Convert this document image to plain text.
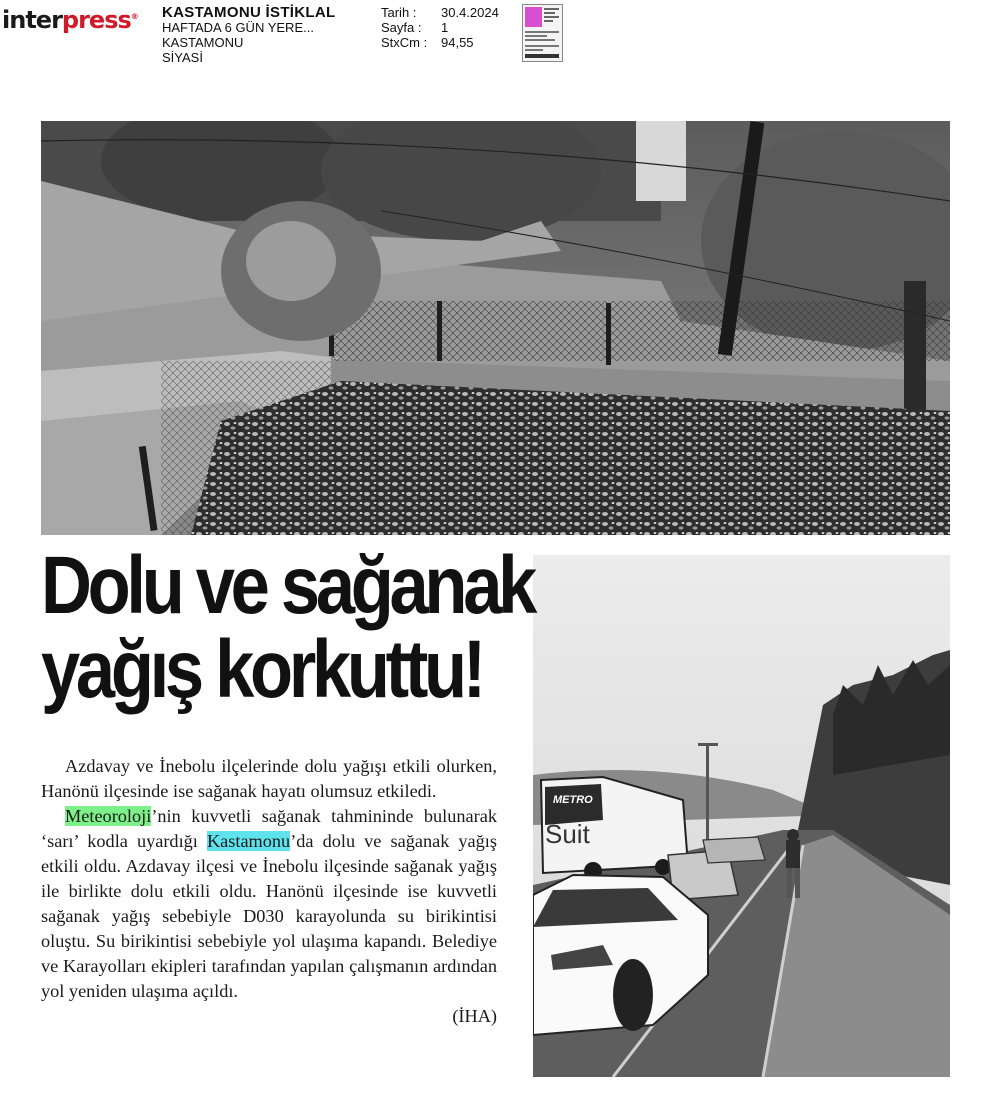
interpress® KASTAMONU İSTİKLAL
HAFTADA 6 GÜN YERE...
KASTAMONU
SİYASİ
Tarih :	30.4.2024
Sayfa :	1
StxCm :	94,55
METRO
Suit
Dolu ve sağanak
yağış korkuttu!

Azdavay ve İnebolu ilçelerinde dolu yağışı etkili olurken, Hanönü ilçesinde ise sağanak hayatı olumsuz etkiledi.

Meteoroloji’nin kuvvetli sağanak tahmininde bulunarak ‘sarı’ kodla uyardığı Kastamonu’da dolu ve sağanak yağış etkili oldu. Azdavay ilçesi ve İnebolu ilçesinde sağanak yağış ile birlikte dolu etkili oldu. Hanönü ilçesinde ise kuvvetli sağanak yağış sebebiyle D030 karayolunda su birikintisi oluştu. Su birikintisi sebebiyle yol ulaşıma kapandı. Belediye ve Karayolları ekipleri tarafından yapılan çalışmanın ardından yol yeniden ulaşıma açıldı.

(İHA)
